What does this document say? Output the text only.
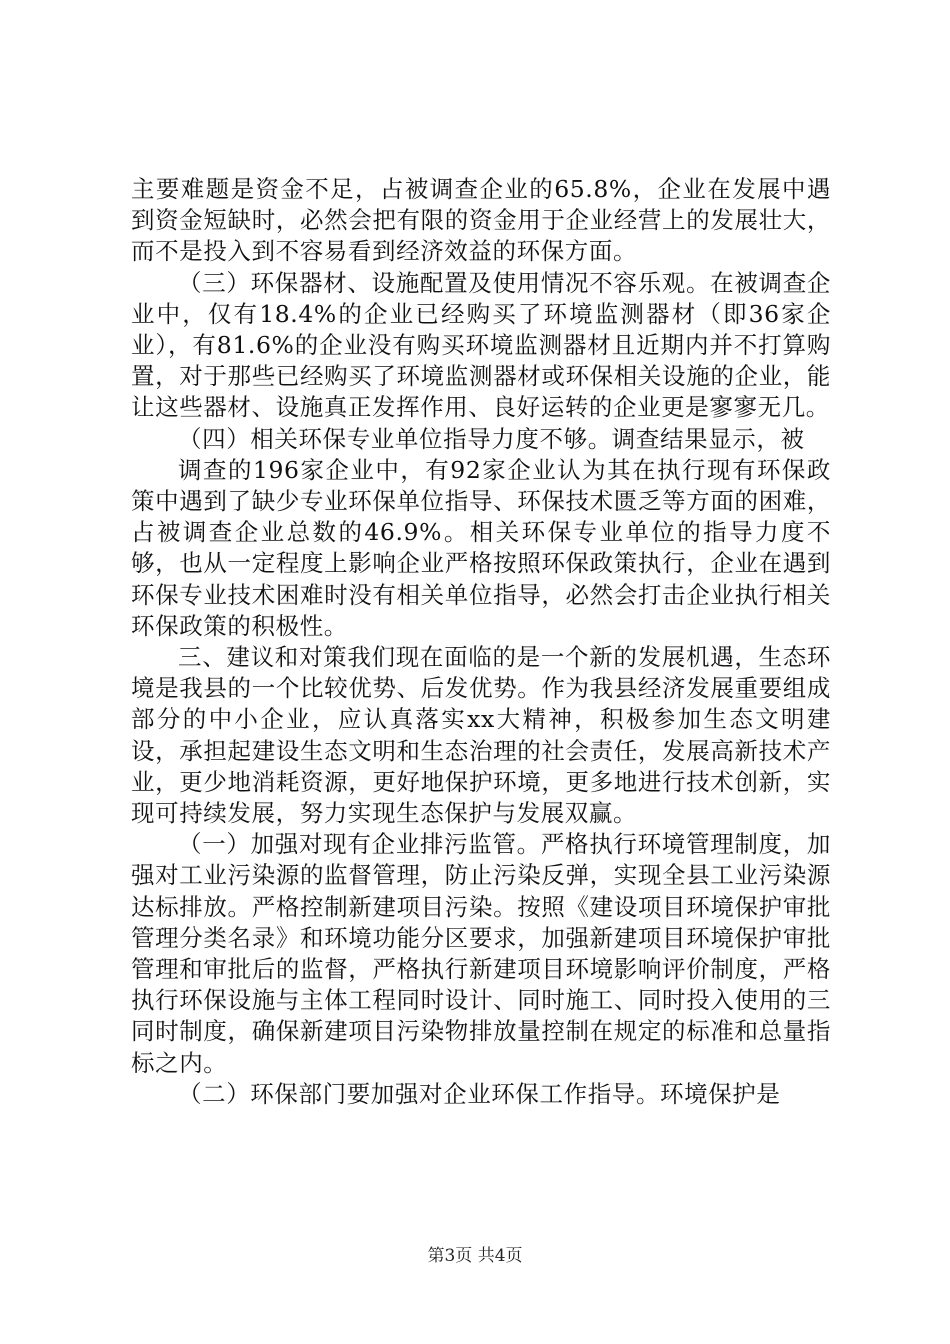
主要难题是资金不足，占被调查企业的65.8%，企业在发展中遇到资金短缺时，必然会把有限的资金用于企业经营上的发展壮大，而不是投入到不容易看到经济效益的环保方面。

（三）环保器材、设施配置及使用情况不容乐观。在被调查企业中，仅有18.4%的企业已经购买了环境监测器材（即36家企业），有81.6%的企业没有购买环境监测器材且近期内并不打算购置，对于那些已经购买了环境监测器材或环保相关设施的企业，能让这些器材、设施真正发挥作用、良好运转的企业更是寥寥无几。

（四）相关环保专业单位指导力度不够。调查结果显示，被

调查的196家企业中，有92家企业认为其在执行现有环保政策中遇到了缺少专业环保单位指导、环保技术匮乏等方面的困难，占被调查企业总数的46.9%。相关环保专业单位的指导力度不够，也从一定程度上影响企业严格按照环保政策执行，企业在遇到环保专业技术困难时没有相关单位指导，必然会打击企业执行相关环保政策的积极性。

三、建议和对策我们现在面临的是一个新的发展机遇，生态环境是我县的一个比较优势、后发优势。作为我县经济发展重要组成部分的中小企业，应认真落实xx大精神，积极参加生态文明建设，承担起建设生态文明和生态治理的社会责任，发展高新技术产业，更少地消耗资源，更好地保护环境，更多地进行技术创新，实现可持续发展，努力实现生态保护与发展双赢。

（一）加强对现有企业排污监管。严格执行环境管理制度，加强对工业污染源的监督管理，防止污染反弹，实现全县工业污染源达标排放。严格控制新建项目污染。按照《建设项目环境保护审批管理分类名录》和环境功能分区要求，加强新建项目环境保护审批管理和审批后的监督，严格执行新建项目环境影响评价制度，严格执行环保设施与主体工程同时设计、同时施工、同时投入使用的三同时制度，确保新建项目污染物排放量控制在规定的标准和总量指标之内。

（二）环保部门要加强对企业环保工作指导。环境保护是

第3页 共4页
